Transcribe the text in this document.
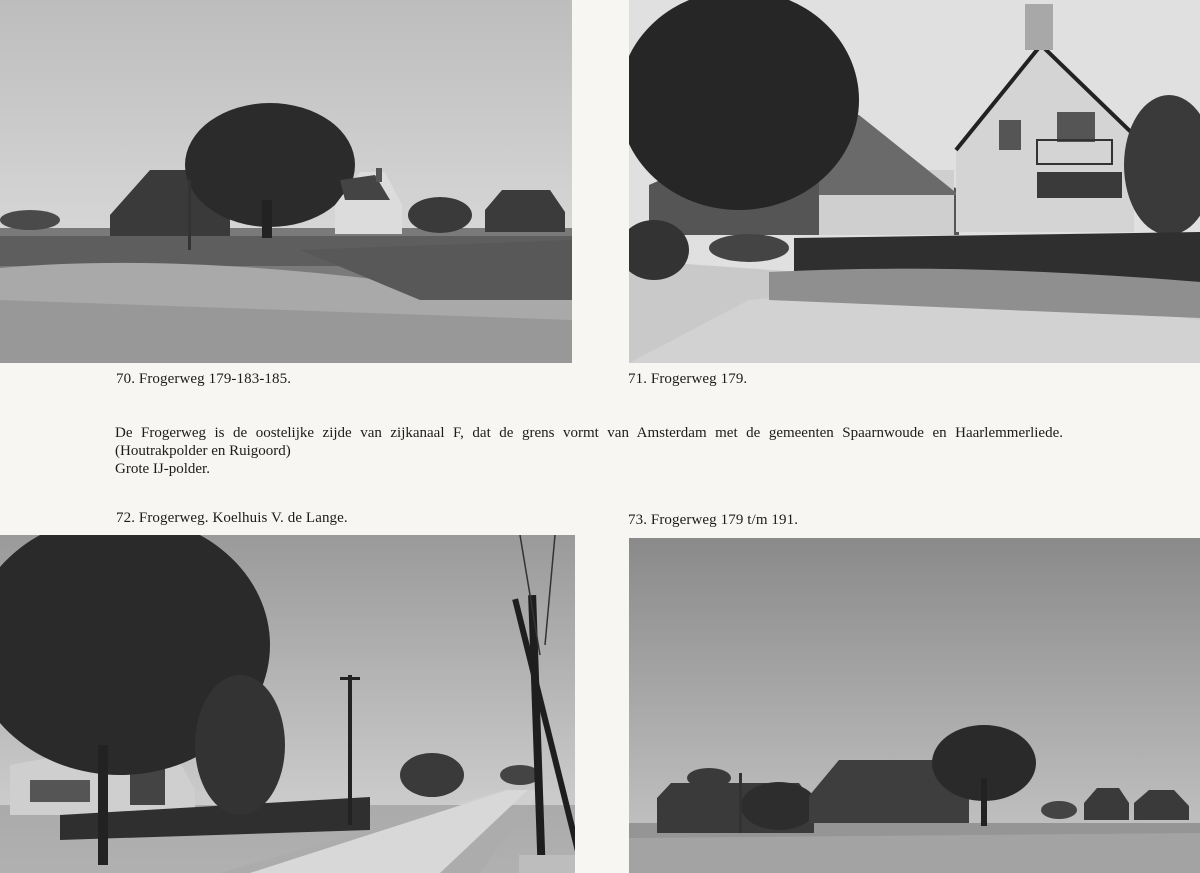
70. Frogerweg 179-183-185.	71. Frogerweg 179.
72. Frogerweg. Koelhuis V. de Lange.	73. Frogerweg 179 t/m 191.

De Frogerweg is de oostelijke zijde van zijkanaal F, dat de grens vormt van Amsterdam met de gemeenten Spaarnwoude en Haarlemmerliede. (Houtrakpolder en Ruigoord)

Grote IJ-polder.
